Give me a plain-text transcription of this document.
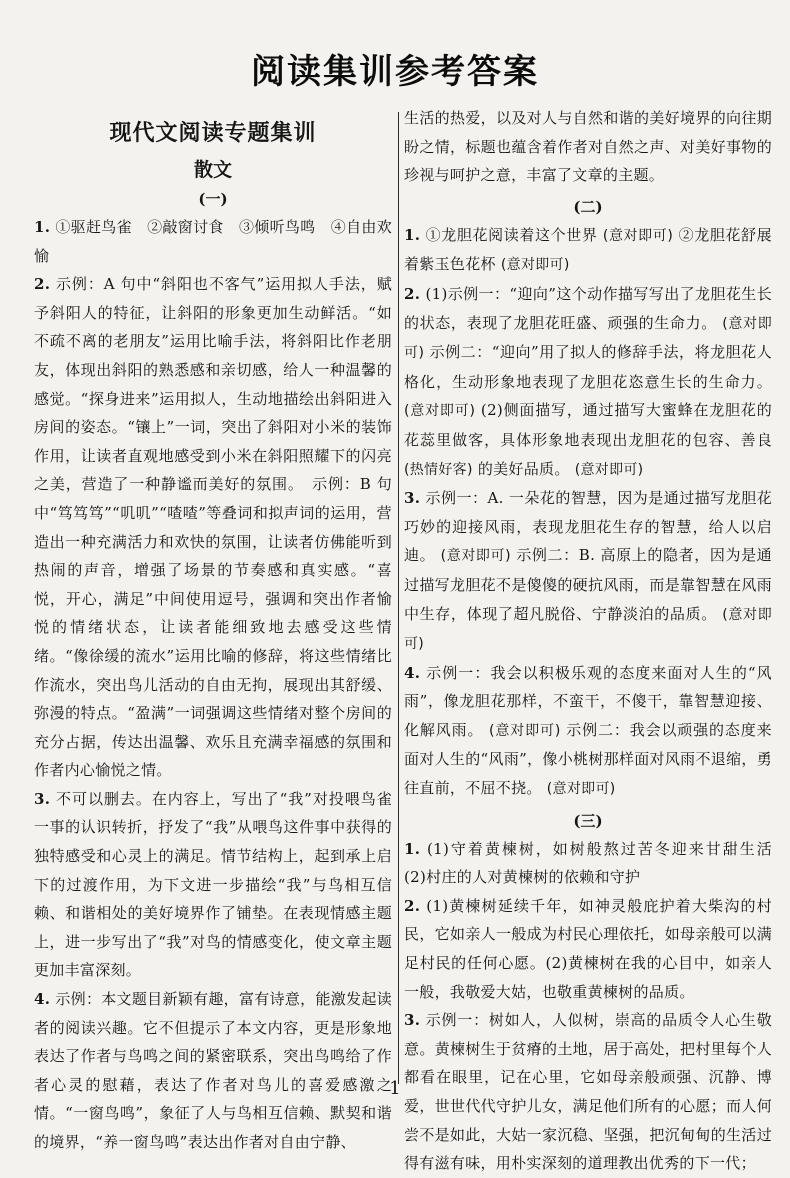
阅读集训参考答案
现代文阅读专题集训
散文
(一)

1. ①驱赶鸟雀　②敲窗讨食　③倾听鸟鸣　④自由欢愉

2. 示例：A 句中“斜阳也不客气”运用拟人手法，赋予斜阳人的特征，让斜阳的形象更加生动鲜活。“如不疏不离的老朋友”运用比喻手法，将斜阳比作老朋友，体现出斜阳的熟悉感和亲切感，给人一种温馨的感觉。“探身进来”运用拟人，生动地描绘出斜阳进入房间的姿态。“镶上”一词，突出了斜阳对小米的装饰作用，让读者直观地感受到小米在斜阳照耀下的闪亮之美，营造了一种静谧而美好的氛围。　示例：B 句中“笃笃笃”“叽叽”“喳喳”等叠词和拟声词的运用，营造出一种充满活力和欢快的氛围，让读者仿佛能听到热闹的声音，增强了场景的节奏感和真实感。“喜悦，开心，满足”中间使用逗号，强调和突出作者愉悦的情绪状态，让读者能细致地去感受这些情绪。“像徐缓的流水”运用比喻的修辞，将这些情绪比作流水，突出鸟儿活动的自由无拘，展现出其舒缓、弥漫的特点。“盈满”一词强调这些情绪对整个房间的充分占据，传达出温馨、欢乐且充满幸福感的氛围和作者内心愉悦之情。

3. 不可以删去。在内容上，写出了“我”对投喂鸟雀一事的认识转折，抒发了“我”从喂鸟这件事中获得的独特感受和心灵上的满足。情节结构上，起到承上启下的过渡作用，为下文进一步描绘“我”与鸟相互信赖、和谐相处的美好境界作了铺垫。在表现情感主题上，进一步写出了“我”对鸟的情感变化，使文章主题更加丰富深刻。

4. 示例：本文题目新颖有趣，富有诗意，能激发起读者的阅读兴趣。它不但提示了本文内容，更是形象地表达了作者与鸟鸣之间的紧密联系，突出鸟鸣给了作者心灵的慰藉，表达了作者对鸟儿的喜爱感激之情。“一窗鸟鸣”，象征了人与鸟相互信赖、默契和谐的境界，“养一窗鸟鸣”表达出作者对自由宁静、

生活的热爱，以及对人与自然和谐的美好境界的向往期盼之情，标题也蕴含着作者对自然之声、对美好事物的珍视与呵护之意，丰富了文章的主题。

(二)

1. ①龙胆花阅读着这个世界 (意对即可) ②龙胆花舒展着紫玉色花杯 (意对即可)

2. (1)示例一：“迎向”这个动作描写写出了龙胆花生长的状态，表现了龙胆花旺盛、顽强的生命力。 (意对即可) 示例二：“迎向”用了拟人的修辞手法，将龙胆花人格化，生动形象地表现了龙胆花恣意生长的生命力。 (意对即可) (2)侧面描写，通过描写大蜜蜂在龙胆花的花蕊里做客，具体形象地表现出龙胆花的包容、善良 (热情好客) 的美好品质。 (意对即可)

3. 示例一：A. 一朵花的智慧，因为是通过描写龙胆花巧妙的迎接风雨，表现龙胆花生存的智慧，给人以启迪。 (意对即可) 示例二：B. 高原上的隐者，因为是通过描写龙胆花不是傻傻的硬抗风雨，而是靠智慧在风雨中生存，体现了超凡脱俗、宁静淡泊的品质。 (意对即可)

4. 示例一：我会以积极乐观的态度来面对人生的“风雨”，像龙胆花那样，不蛮干，不傻干，靠智慧迎接、化解风雨。 (意对即可) 示例二：我会以顽强的态度来面对人生的“风雨”，像小桃树那样面对风雨不退缩，勇往直前，不屈不挠。 (意对即可)

(三)

1. (1)守着黄楝树，如树般熬过苦冬迎来甘甜生活　(2)村庄的人对黄楝树的依赖和守护

2. (1)黄楝树延续千年，如神灵般庇护着大柴沟的村民，它如亲人一般成为村民心理依托，如母亲般可以满足村民的任何心愿。(2)黄楝树在我的心目中，如亲人一般，我敬爱大姑，也敬重黄楝树的品质。

3. 示例一：树如人，人似树，崇高的品质令人心生敬意。黄楝树生于贫瘠的土地，居于高处，把村里每个人都看在眼里，记在心里，它如母亲般顽强、沉静、博爱，世世代代守护儿女，满足他们所有的心愿；而人何尝不是如此，大姑一家沉稳、坚强，把沉甸甸的生活过得有滋有味，用朴实深刻的道理教出优秀的下一代；

1
